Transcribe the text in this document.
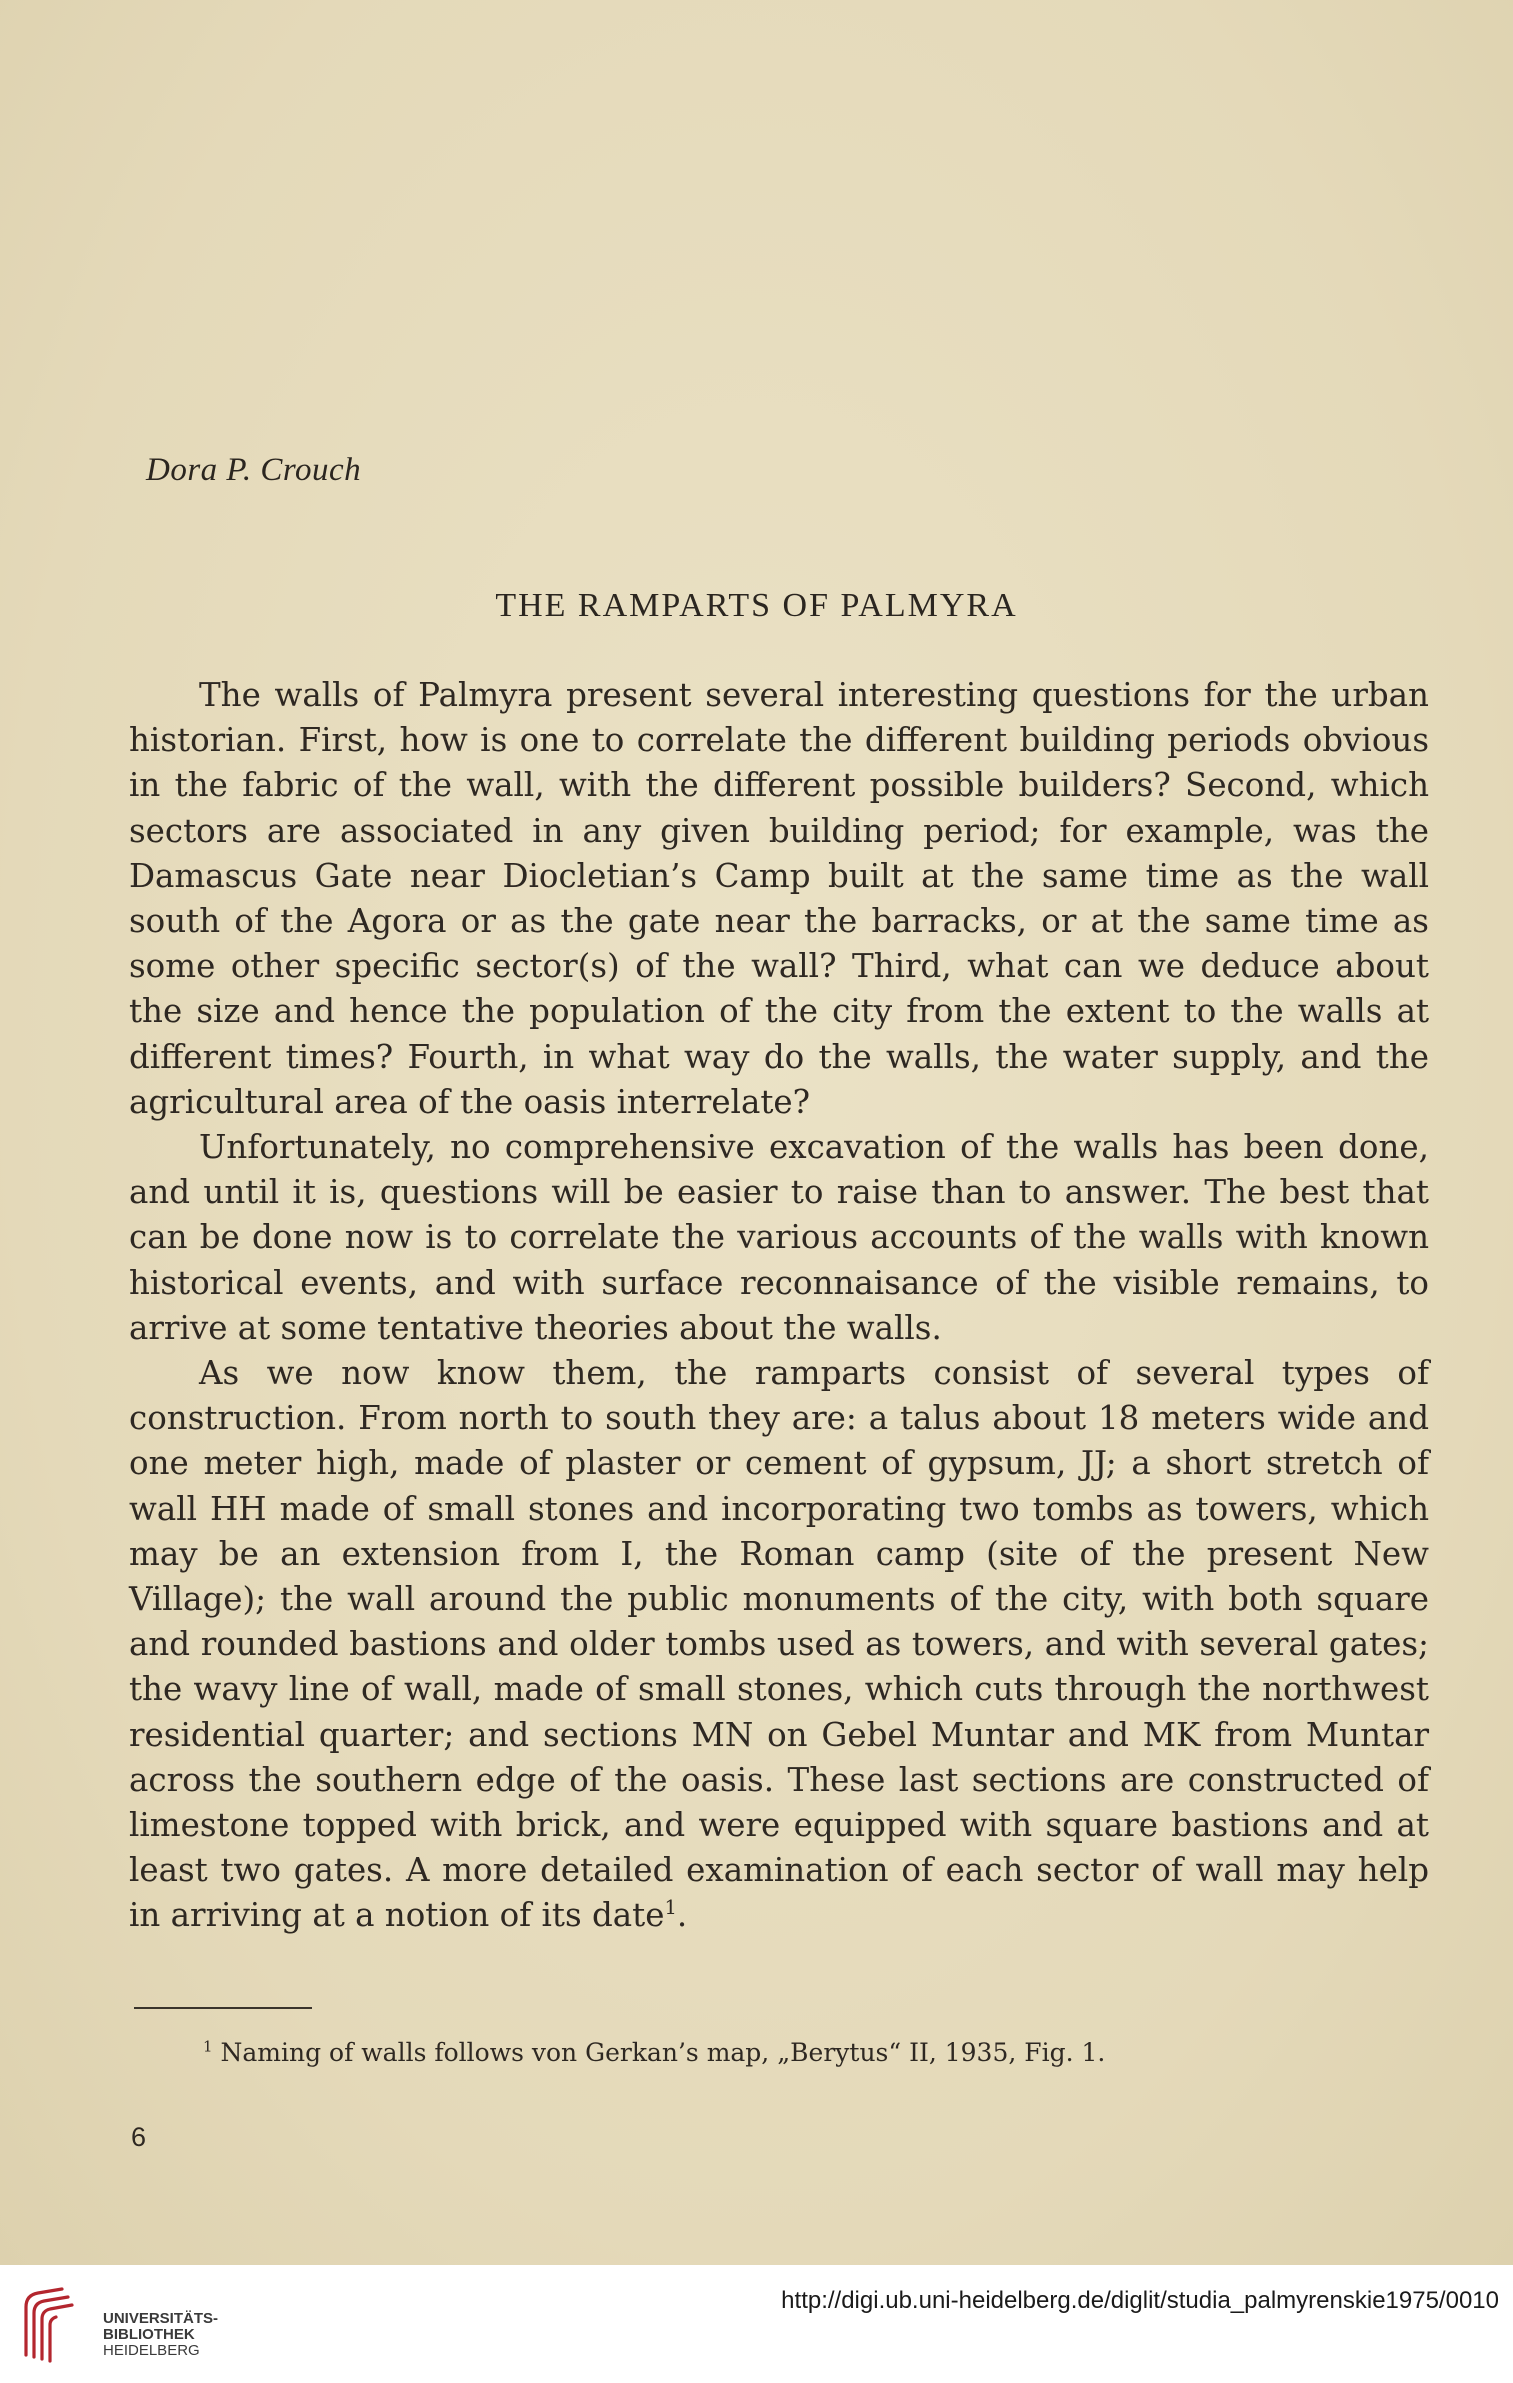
Dora P. Crouch
THE RAMPARTS OF PALMYRA

The walls of Palmyra present several interesting questions for the urban historian. First, how is one to correlate the different building periods obvious in the fabric of the wall, with the different possible builders? Second, which sectors are associated in any given building period; for example, was the Damascus Gate near Diocletian’s Camp built at the same time as the wall south of the Agora or as the gate near the barracks, or at the same time as some other specific sector(s) of the wall? Third, what can we deduce about the size and hence the population of the city from the extent to the walls at different times? Fourth, in what way do the walls, the water supply, and the agricultural area of the oasis interrelate?

Unfortunately, no comprehensive excavation of the walls has been done, and until it is, questions will be easier to raise than to answer. The best that can be done now is to correlate the various accounts of the walls with known historical events, and with surface reconnaisance of the visible remains, to arrive at some tentative theories about the walls.

As we now know them, the ramparts consist of several types of construction. From north to south they are: a talus about 18 meters wide and one meter high, made of plaster or cement of gypsum, JJ; a short stretch of wall HH made of small stones and incorporating two tombs as towers, which may be an extension from I, the Roman camp (site of the present New Village); the wall around the public monuments of the city, with both square and rounded bastions and older tombs used as towers, and with several gates; the wavy line of wall, made of small stones, which cuts through the northwest residential quarter; and sections MN on Gebel Muntar and MK from Muntar across the southern edge of the oasis. These last sections are constructed of limestone topped with brick, and were equipped with square bastions and at least two gates. A more detailed examination of each sector of wall may help in arriving at a notion of its date$^1$.

$^1$ Naming of walls follows von Gerkan’s map, „Berytus“ II, 1935, Fig. 1.
6
UNIVERSITÄTS-
BIBLIOTHEK
HEIDELBERG
http://digi.ub.uni-heidelberg.de/diglit/studia_palmyrenskie1975/0010
